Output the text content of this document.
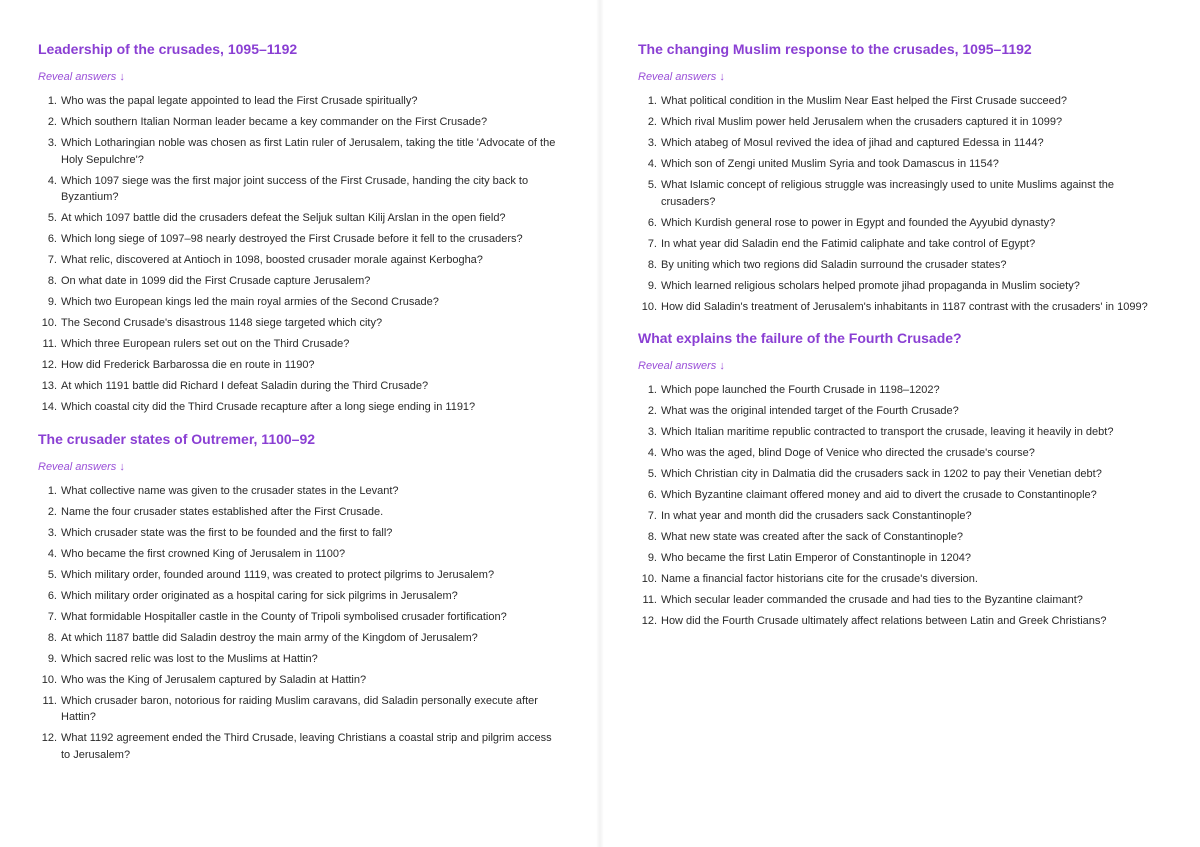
Leadership of the crusades, 1095–1192
Reveal answers ↓
1. Who was the papal legate appointed to lead the First Crusade spiritually?
2. Which southern Italian Norman leader became a key commander on the First Crusade?
3. Which Lotharingian noble was chosen as first Latin ruler of Jerusalem, taking the title 'Advocate of the Holy Sepulchre'?
4. Which 1097 siege was the first major joint success of the First Crusade, handing the city back to Byzantium?
5. At which 1097 battle did the crusaders defeat the Seljuk sultan Kilij Arslan in the open field?
6. Which long siege of 1097–98 nearly destroyed the First Crusade before it fell to the crusaders?
7. What relic, discovered at Antioch in 1098, boosted crusader morale against Kerbogha?
8. On what date in 1099 did the First Crusade capture Jerusalem?
9. Which two European kings led the main royal armies of the Second Crusade?
10. The Second Crusade's disastrous 1148 siege targeted which city?
11. Which three European rulers set out on the Third Crusade?
12. How did Frederick Barbarossa die en route in 1190?
13. At which 1191 battle did Richard I defeat Saladin during the Third Crusade?
14. Which coastal city did the Third Crusade recapture after a long siege ending in 1191?
The crusader states of Outremer, 1100–92
Reveal answers ↓
1. What collective name was given to the crusader states in the Levant?
2. Name the four crusader states established after the First Crusade.
3. Which crusader state was the first to be founded and the first to fall?
4. Who became the first crowned King of Jerusalem in 1100?
5. Which military order, founded around 1119, was created to protect pilgrims to Jerusalem?
6. Which military order originated as a hospital caring for sick pilgrims in Jerusalem?
7. What formidable Hospitaller castle in the County of Tripoli symbolised crusader fortification?
8. At which 1187 battle did Saladin destroy the main army of the Kingdom of Jerusalem?
9. Which sacred relic was lost to the Muslims at Hattin?
10. Who was the King of Jerusalem captured by Saladin at Hattin?
11. Which crusader baron, notorious for raiding Muslim caravans, did Saladin personally execute after Hattin?
12. What 1192 agreement ended the Third Crusade, leaving Christians a coastal strip and pilgrim access to Jerusalem?
The changing Muslim response to the crusades, 1095–1192
Reveal answers ↓
1. What political condition in the Muslim Near East helped the First Crusade succeed?
2. Which rival Muslim power held Jerusalem when the crusaders captured it in 1099?
3. Which atabeg of Mosul revived the idea of jihad and captured Edessa in 1144?
4. Which son of Zengi united Muslim Syria and took Damascus in 1154?
5. What Islamic concept of religious struggle was increasingly used to unite Muslims against the crusaders?
6. Which Kurdish general rose to power in Egypt and founded the Ayyubid dynasty?
7. In what year did Saladin end the Fatimid caliphate and take control of Egypt?
8. By uniting which two regions did Saladin surround the crusader states?
9. Which learned religious scholars helped promote jihad propaganda in Muslim society?
10. How did Saladin's treatment of Jerusalem's inhabitants in 1187 contrast with the crusaders' in 1099?
What explains the failure of the Fourth Crusade?
Reveal answers ↓
1. Which pope launched the Fourth Crusade in 1198–1202?
2. What was the original intended target of the Fourth Crusade?
3. Which Italian maritime republic contracted to transport the crusade, leaving it heavily in debt?
4. Who was the aged, blind Doge of Venice who directed the crusade's course?
5. Which Christian city in Dalmatia did the crusaders sack in 1202 to pay their Venetian debt?
6. Which Byzantine claimant offered money and aid to divert the crusade to Constantinople?
7. In what year and month did the crusaders sack Constantinople?
8. What new state was created after the sack of Constantinople?
9. Who became the first Latin Emperor of Constantinople in 1204?
10. Name a financial factor historians cite for the crusade's diversion.
11. Which secular leader commanded the crusade and had ties to the Byzantine claimant?
12. How did the Fourth Crusade ultimately affect relations between Latin and Greek Christians?
